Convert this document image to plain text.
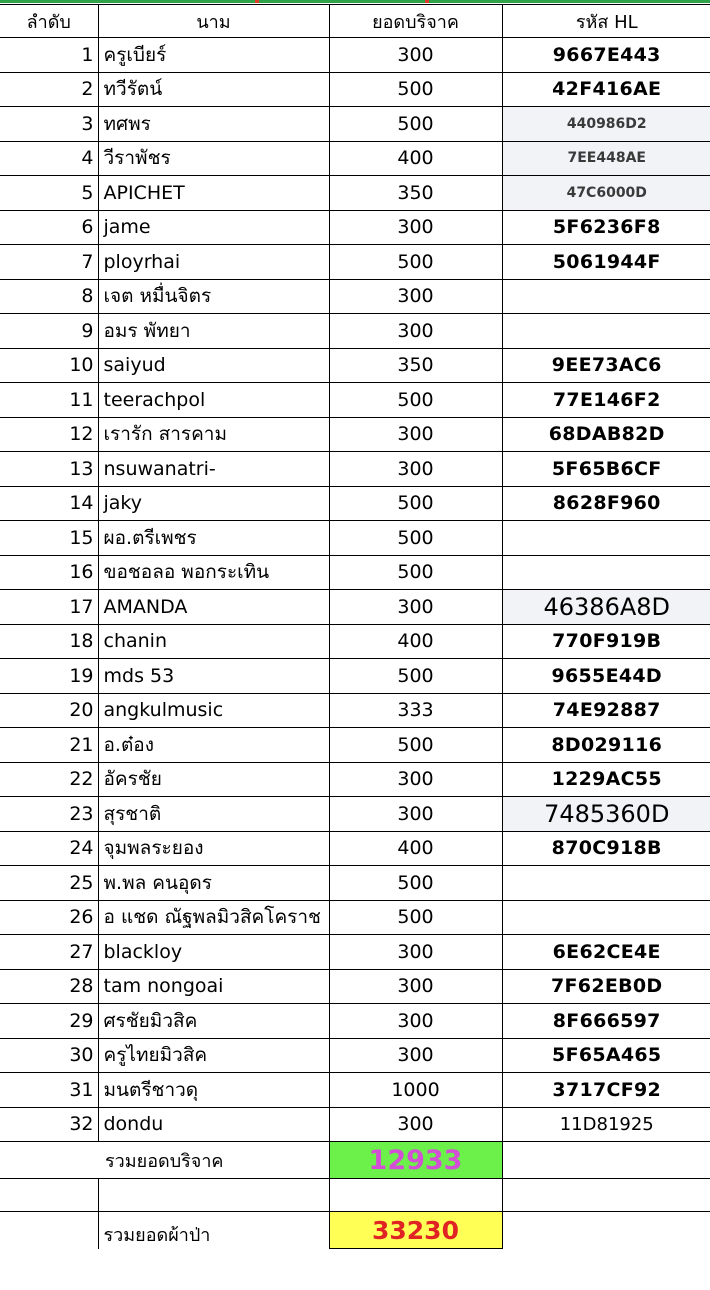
ลำดับ	นาม	ยอดบริจาค	รหัส HL
1	ครูเบียร์	300	9667E443
2	ทวีรัตน์	500	42F416AE
3	ทศพร	500	440986D2
4	วีราพัชร	400	7EE448AE
5	APICHET	350	47C6000D
6	jame	300	5F6236F8
7	ployrhai	500	5061944F
8	เจต หมื่นจิตร	300	
9	อมร พัทยา	300	
10	saiyud	350	9EE73AC6
11	teerachpol	500	77E146F2
12	เรารัก สารคาม	300	68DAB82D
13	nsuwanatri-	300	5F65B6CF
14	jaky	500	8628F960
15	ผอ.ตรีเพชร	500	
16	ขอชอลอ พอกระเทิน	500	
17	AMANDA	300	46386A8D
18	chanin	400	770F919B
19	mds 53	500	9655E44D
20	angkulmusic	333	74E92887
21	อ.ต๋อง	500	8D029116
22	อัครชัย	300	1229AC55
23	สุรชาติ	300	7485360D
24	จุมพลระยอง	400	870C918B
25	พ.พล คนอุดร	500	
26	อ แชด ณัฐพลมิวสิคโคราช	500	
27	blackloy	300	6E62CE4E
28	tam nongoai	300	7F62EB0D
29	ศรชัยมิวสิค	300	8F666597
30	ครูไทยมิวสิค	300	5F65A465
31	มนตรีชาวดุ	1000	3717CF92
32	dondu	300	11D81925
รวมยอดบริจาค		12933	

	รวมยอดผ้าป่า	33230	
